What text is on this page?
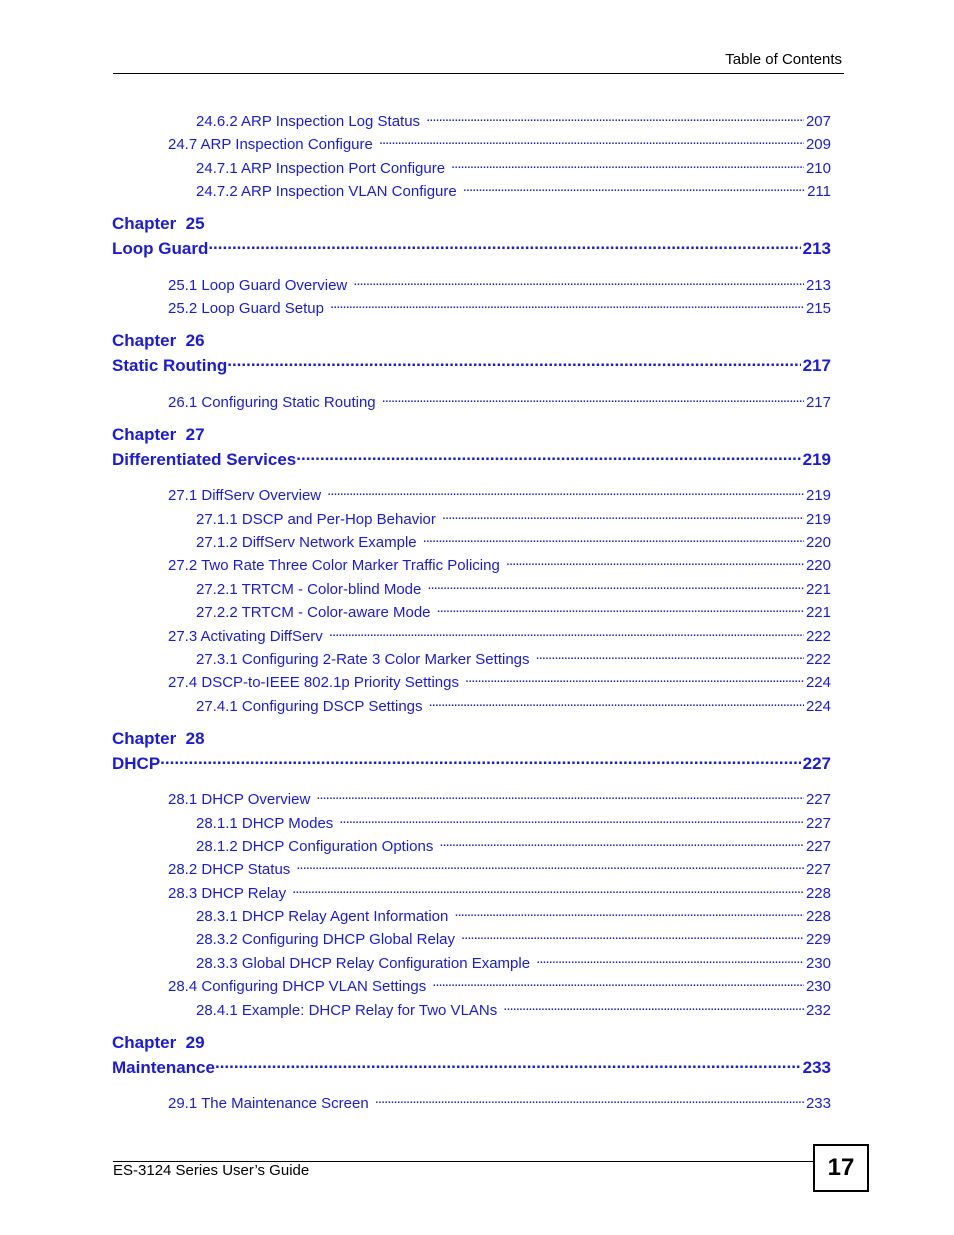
Table of Contents
24.6.2 ARP Inspection Log Status . . .	207
24.7 ARP Inspection Configure . . .	209
24.7.1 ARP Inspection Port Configure . . .	210
24.7.2 ARP Inspection VLAN Configure . . .	211
Chapter  25
Loop Guard .....	213
25.1 Loop Guard Overview . . .	213
25.2 Loop Guard Setup . . .	215
Chapter  26
Static Routing .....	217
26.1 Configuring Static Routing . . .	217
Chapter  27
Differentiated Services .....	219
27.1 DiffServ Overview . . .	219
27.1.1 DSCP and Per-Hop Behavior . . .	219
27.1.2 DiffServ Network Example . . .	220
27.2 Two Rate Three Color Marker Traffic Policing . . .	220
27.2.1 TRTCM - Color-blind Mode . . .	221
27.2.2 TRTCM - Color-aware Mode . . .	221
27.3 Activating DiffServ . . .	222
27.3.1 Configuring 2-Rate 3 Color Marker Settings . . .	222
27.4 DSCP-to-IEEE 802.1p Priority Settings . . .	224
27.4.1 Configuring DSCP Settings . . .	224
Chapter  28
DHCP .....	227
28.1 DHCP Overview . . .	227
28.1.1 DHCP Modes . . .	227
28.1.2 DHCP Configuration Options . . .	227
28.2 DHCP Status . . .	227
28.3 DHCP Relay . . .	228
28.3.1 DHCP Relay Agent Information . . .	228
28.3.2 Configuring DHCP Global Relay . . .	229
28.3.3 Global DHCP Relay Configuration Example . . .	230
28.4 Configuring DHCP VLAN Settings . . .	230
28.4.1 Example: DHCP Relay for Two VLANs . . .	232
Chapter  29
Maintenance .....	233
29.1 The Maintenance Screen . . .	233
ES-3124 Series User’s Guide	17
